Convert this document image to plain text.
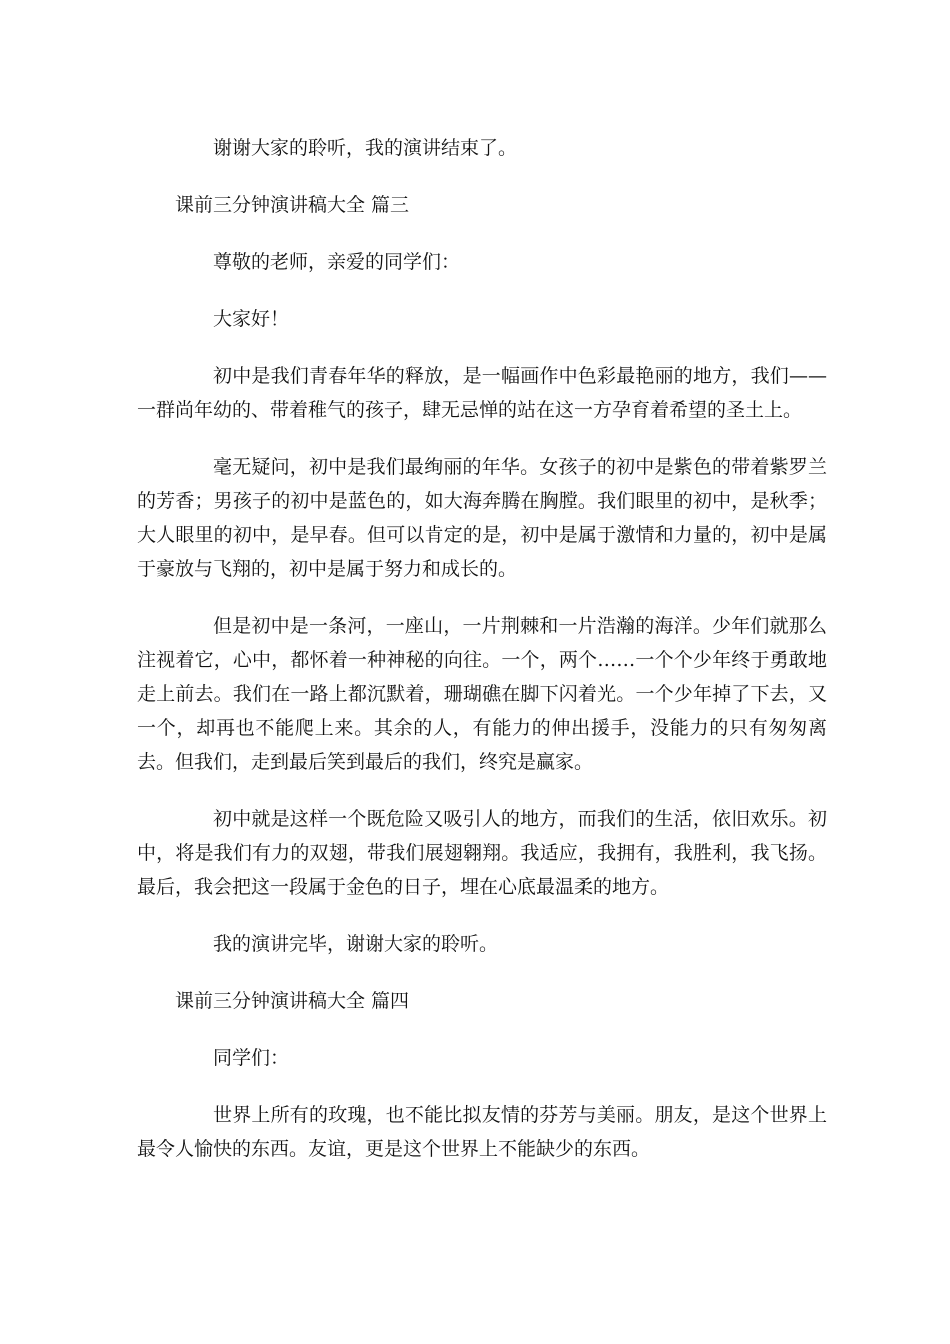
谢谢大家的聆听，我的演讲结束了。

课前三分钟演讲稿大全 篇三

尊敬的老师，亲爱的同学们：

大家好！

初中是我们青春年华的释放，是一幅画作中色彩最艳丽的地方，我们——一群尚年幼的、带着稚气的孩子，肆无忌惮的站在这一方孕育着希望的圣土上。

毫无疑问，初中是我们最绚丽的年华。女孩子的初中是紫色的带着紫罗兰的芳香；男孩子的初中是蓝色的，如大海奔腾在胸膛。我们眼里的初中，是秋季；大人眼里的初中，是早春。但可以肯定的是，初中是属于激情和力量的，初中是属于豪放与飞翔的，初中是属于努力和成长的。

但是初中是一条河，一座山，一片荆棘和一片浩瀚的海洋。少年们就那么注视着它，心中，都怀着一种神秘的向往。一个，两个……一个个少年终于勇敢地走上前去。我们在一路上都沉默着，珊瑚礁在脚下闪着光。一个少年掉了下去，又一个，却再也不能爬上来。其余的人，有能力的伸出援手，没能力的只有匆匆离去。但我们，走到最后笑到最后的我们，终究是赢家。

初中就是这样一个既危险又吸引人的地方，而我们的生活，依旧欢乐。初中，将是我们有力的双翅，带我们展翅翱翔。我适应，我拥有，我胜利，我飞扬。最后，我会把这一段属于金色的日子，埋在心底最温柔的地方。

我的演讲完毕，谢谢大家的聆听。

课前三分钟演讲稿大全 篇四

同学们：

世界上所有的玫瑰，也不能比拟友情的芬芳与美丽。朋友，是这个世界上最令人愉快的东西。友谊，更是这个世界上不能缺少的东西。
